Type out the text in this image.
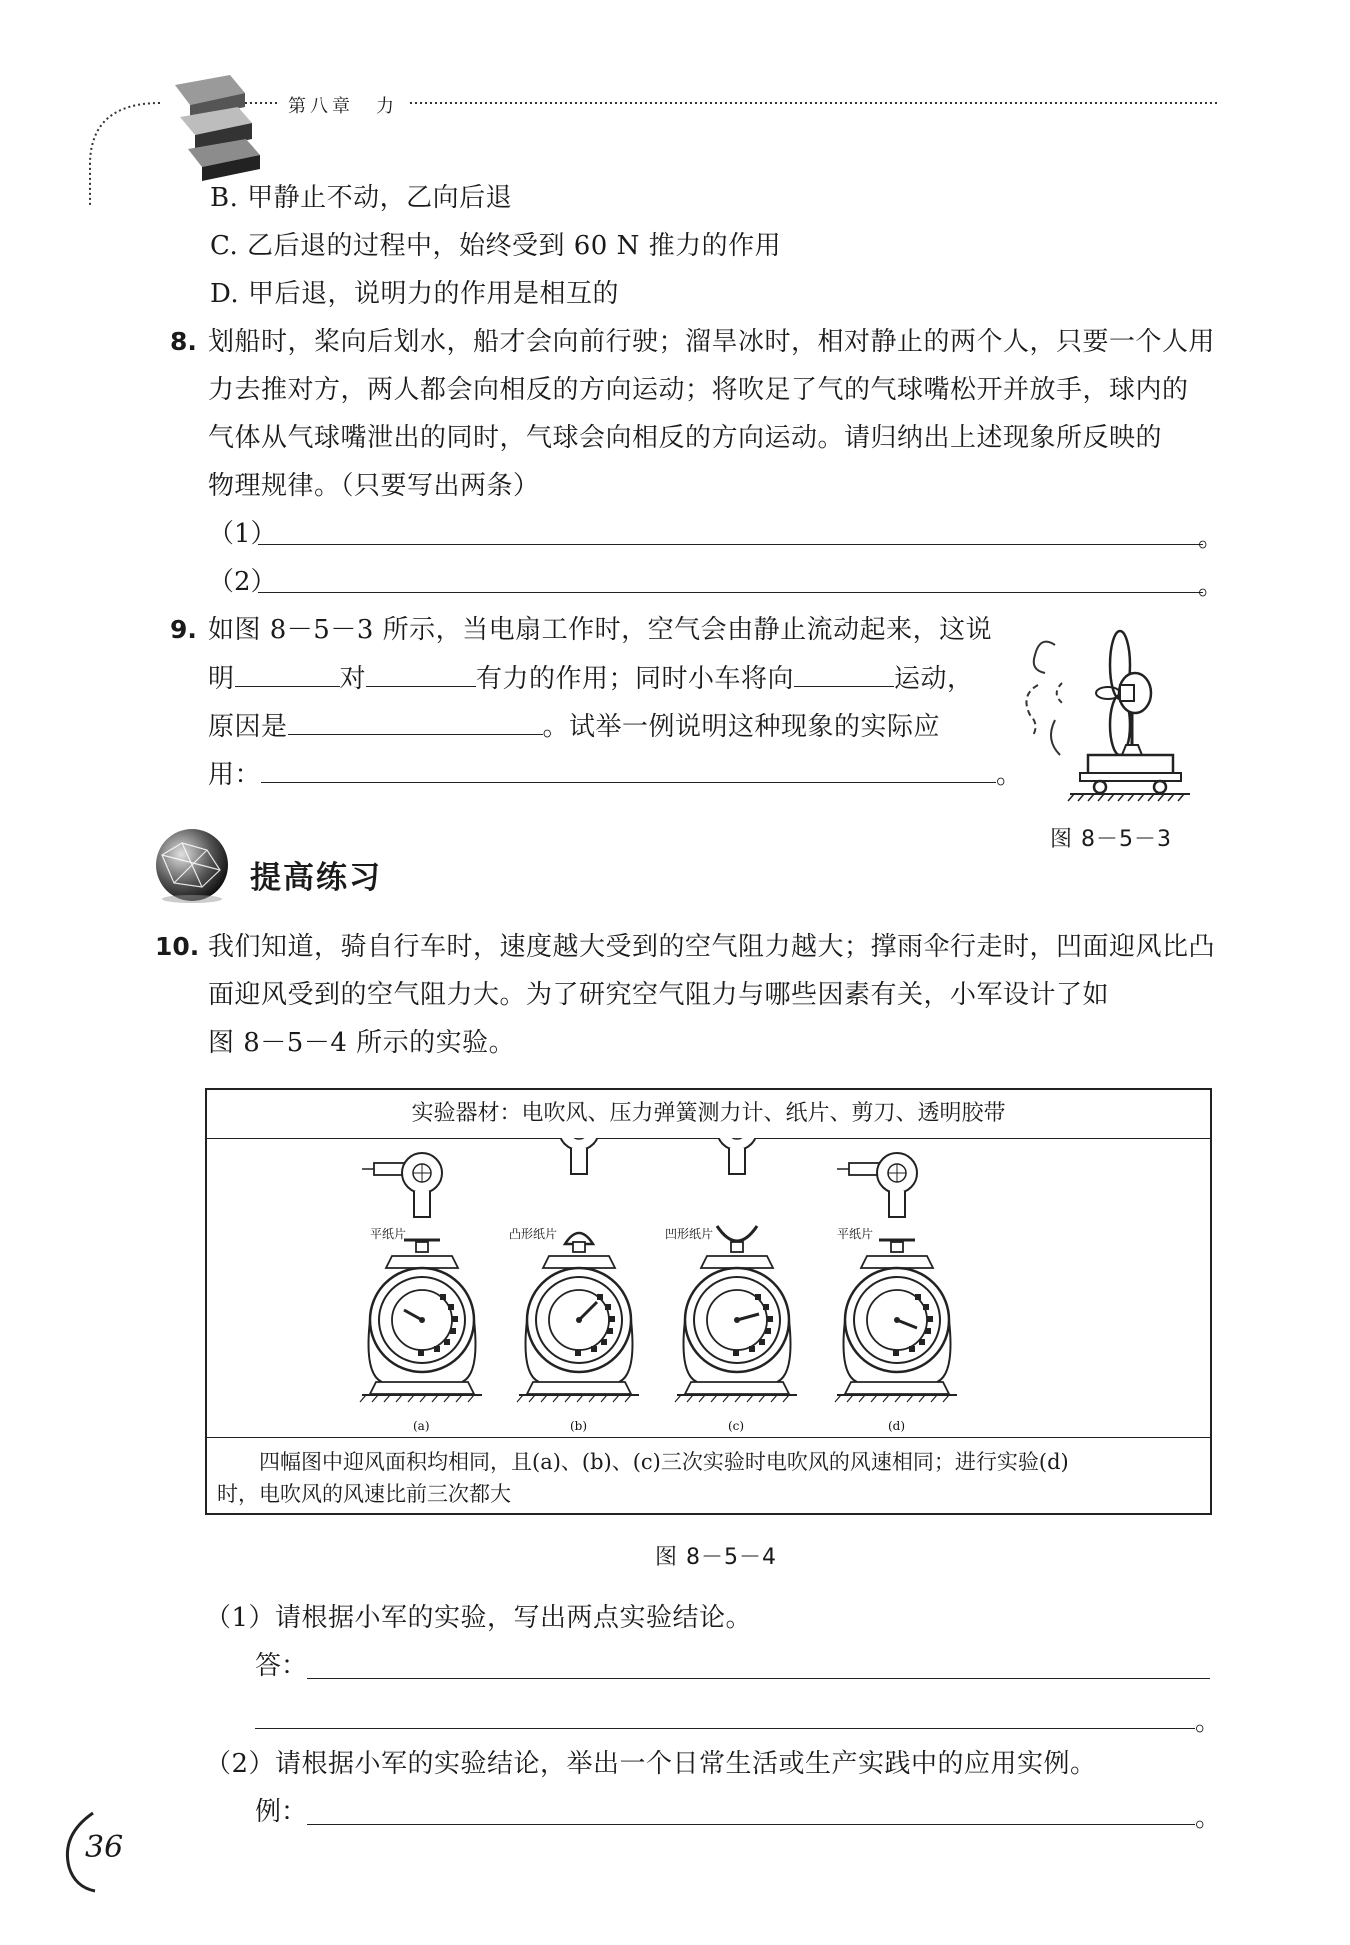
第八章　力
B. 甲静止不动，乙向后退
C. 乙后退的过程中，始终受到 60 N 推力的作用
D. 甲后退，说明力的作用是相互的
8. 划船时，桨向后划水，船才会向前行驶；溜旱冰时，相对静止的两个人，只要一个人用
力去推对方，两人都会向相反的方向运动；将吹足了气的气球嘴松开并放手，球内的
气体从气球嘴泄出的同时，气球会向相反的方向运动。请归纳出上述现象所反映的
物理规律。（只要写出两条）
（1）	。
（2）	。
9. 如图 8－5－3 所示，当电扇工作时，空气会由静止流动起来，这说
明	对	有力的作用；同时小车将向	运动，
原因是	。试举一例说明这种现象的实际应
用：	。
图 8－5－3
提高练习
10. 我们知道，骑自行车时，速度越大受到的空气阻力越大；撑雨伞行走时，凹面迎风比凸
面迎风受到的空气阻力大。为了研究空气阻力与哪些因素有关，小军设计了如
图 8－5－4 所示的实验。
实验器材：电吹风、压力弹簧测力计、纸片、剪刀、透明胶带
平纸片
(a)
凸形纸片
(b)
凹形纸片
(c)
平纸片
(d)
四幅图中迎风面积均相同，且(a)、(b)、(c)三次实验时电吹风的风速相同；进行实验(d)
时，电吹风的风速比前三次都大
图 8－5－4
（1）请根据小军的实验，写出两点实验结论。
答：
。
（2）请根据小军的实验结论，举出一个日常生活或生产实践中的应用实例。
例：	。
36
